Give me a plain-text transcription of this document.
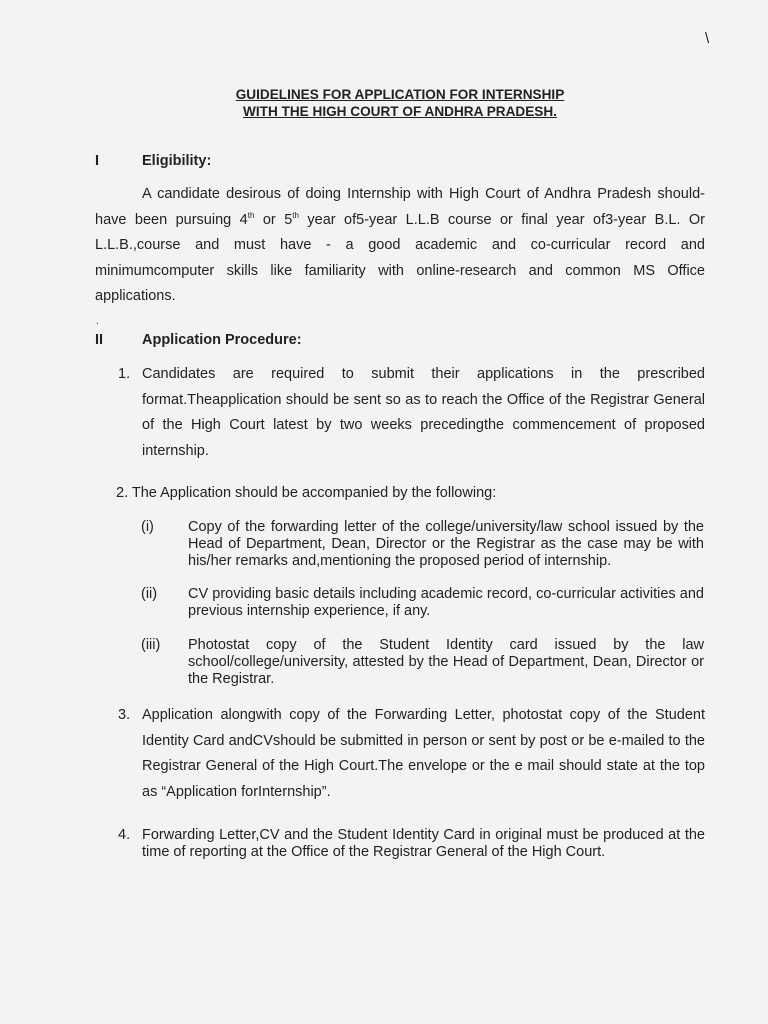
\
GUIDELINES FOR APPLICATION FOR INTERNSHIP
WITH THE HIGH COURT OF ANDHRA PRADESH.
I	Eligibility:
A candidate desirous of doing Internship with High Court of Andhra Pradesh should-have been pursuing 4th or 5th year of5-year L.L.B course or final year of3-year B.L. Or L.L.B.,course and must have - a good academic and co-curricular record and minimumcomputer skills like familiarity with online-research and common MS Office applications.
.
II	Application Procedure:
1. Candidates are required to submit their applications in the prescribed format.Theapplication should be sent so as to reach the Office of the Registrar General of the High Court latest by two weeks precedingthe commencement of proposed internship.
2. The Application should be accompanied by the following:
(i) Copy of the forwarding letter of the college/university/law school issued by the Head of Department, Dean, Director or the Registrar as the case may be with his/her remarks and,mentioning the proposed period of internship.
(ii) CV providing basic details including academic record, co-curricular activities and previous internship experience, if any.
(iii) Photostat copy of the Student Identity card issued by the law school/college/university, attested by the Head of Department, Dean, Director or the Registrar.
3. Application alongwith copy of the Forwarding Letter, photostat copy of the Student Identity Card andCVshould be submitted in person or sent by post or be e-mailed to the Registrar General of the High Court.The envelope or the e mail should state at the top as “Application forInternship”.
4. Forwarding Letter,CV and the Student Identity Card in original must be produced at the time of reporting at the Office of the Registrar General of the High Court.
